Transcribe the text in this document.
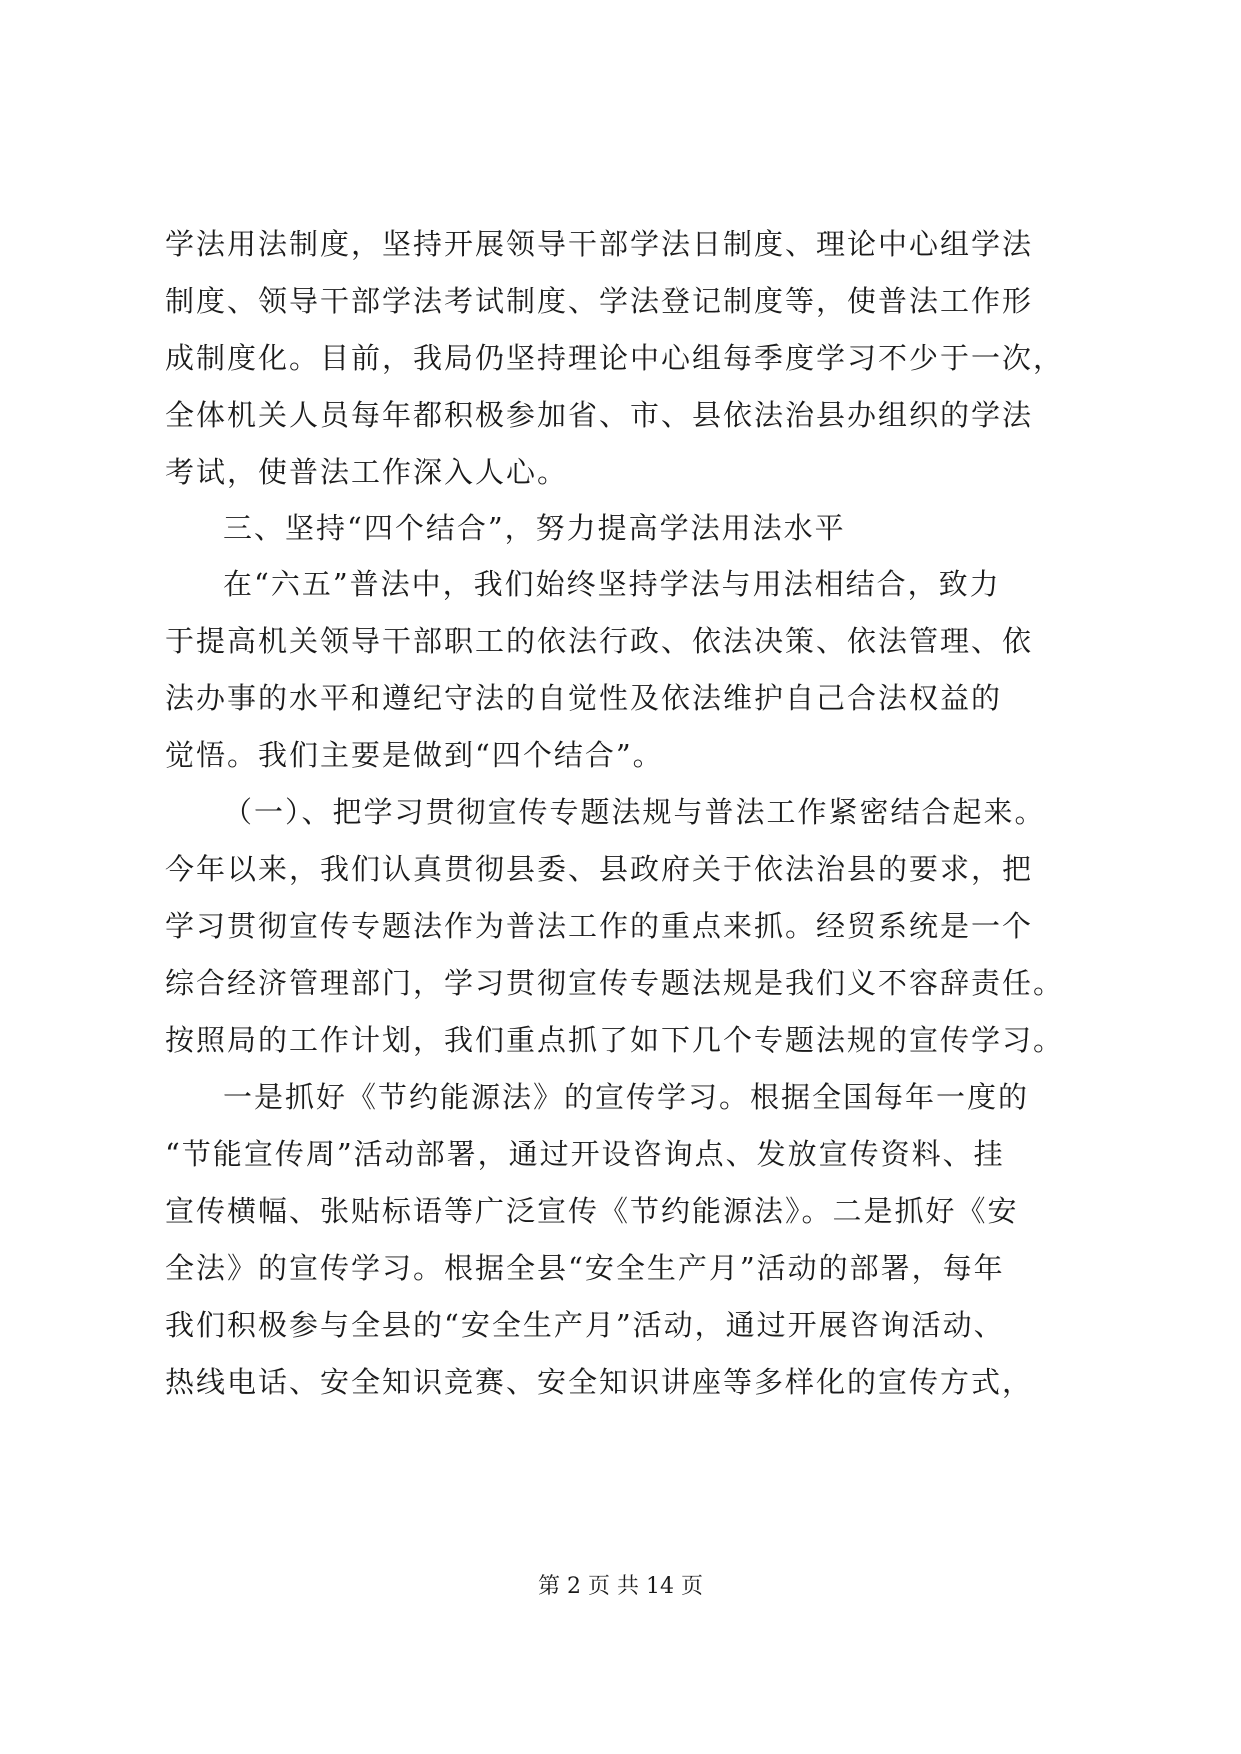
学法用法制度，坚持开展领导干部学法日制度、理论中心组学法
制度、领导干部学法考试制度、学法登记制度等，使普法工作形
成制度化。目前，我局仍坚持理论中心组每季度学习不少于一次，
全体机关人员每年都积极参加省、市、县依法治县办组织的学法
考试，使普法工作深入人心。
三、坚持“四个结合”，努力提高学法用法水平
在“六五”普法中，我们始终坚持学法与用法相结合，致力
于提高机关领导干部职工的依法行政、依法决策、依法管理、依
法办事的水平和遵纪守法的自觉性及依法维护自己合法权益的
觉悟。我们主要是做到“四个结合”。
（一）、把学习贯彻宣传专题法规与普法工作紧密结合起来。
今年以来，我们认真贯彻县委、县政府关于依法治县的要求，把
学习贯彻宣传专题法作为普法工作的重点来抓。经贸系统是一个
综合经济管理部门，学习贯彻宣传专题法规是我们义不容辞责任。
按照局的工作计划，我们重点抓了如下几个专题法规的宣传学习。
一是抓好《节约能源法》的宣传学习。根据全国每年一度的
“节能宣传周”活动部署，通过开设咨询点、发放宣传资料、挂
宣传横幅、张贴标语等广泛宣传《节约能源法》。二是抓好《安
全法》的宣传学习。根据全县“安全生产月”活动的部署，每年
我们积极参与全县的“安全生产月”活动，通过开展咨询活动、
热线电话、安全知识竞赛、安全知识讲座等多样化的宣传方式，
第 2 页 共 14 页
